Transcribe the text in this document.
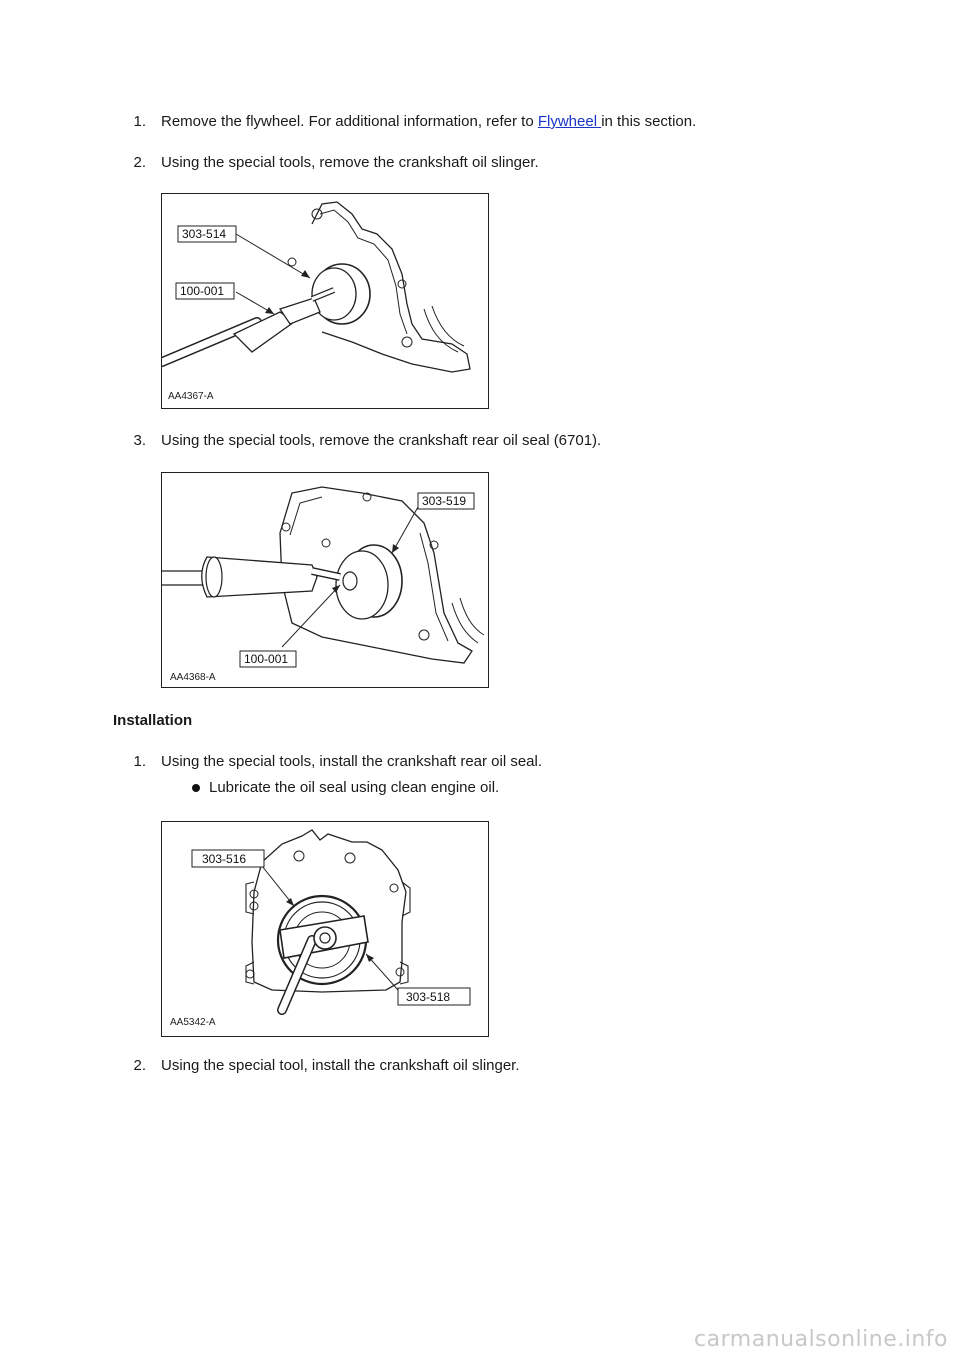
1. Remove the flywheel. For additional information, refer to Flywheel in this section.
2. Using the special tools, remove the crankshaft oil slinger.
303-514
100-001
AA4367-A
3. Using the special tools, remove the crankshaft rear oil seal (6701).
303-519
100-001
AA4368-A
Installation
1. Using the special tools, install the crankshaft rear oil seal.
Lubricate the oil seal using clean engine oil.
303-516
303-518
AA5342-A
2. Using the special tool, install the crankshaft oil slinger.
carmanualsonline.info
